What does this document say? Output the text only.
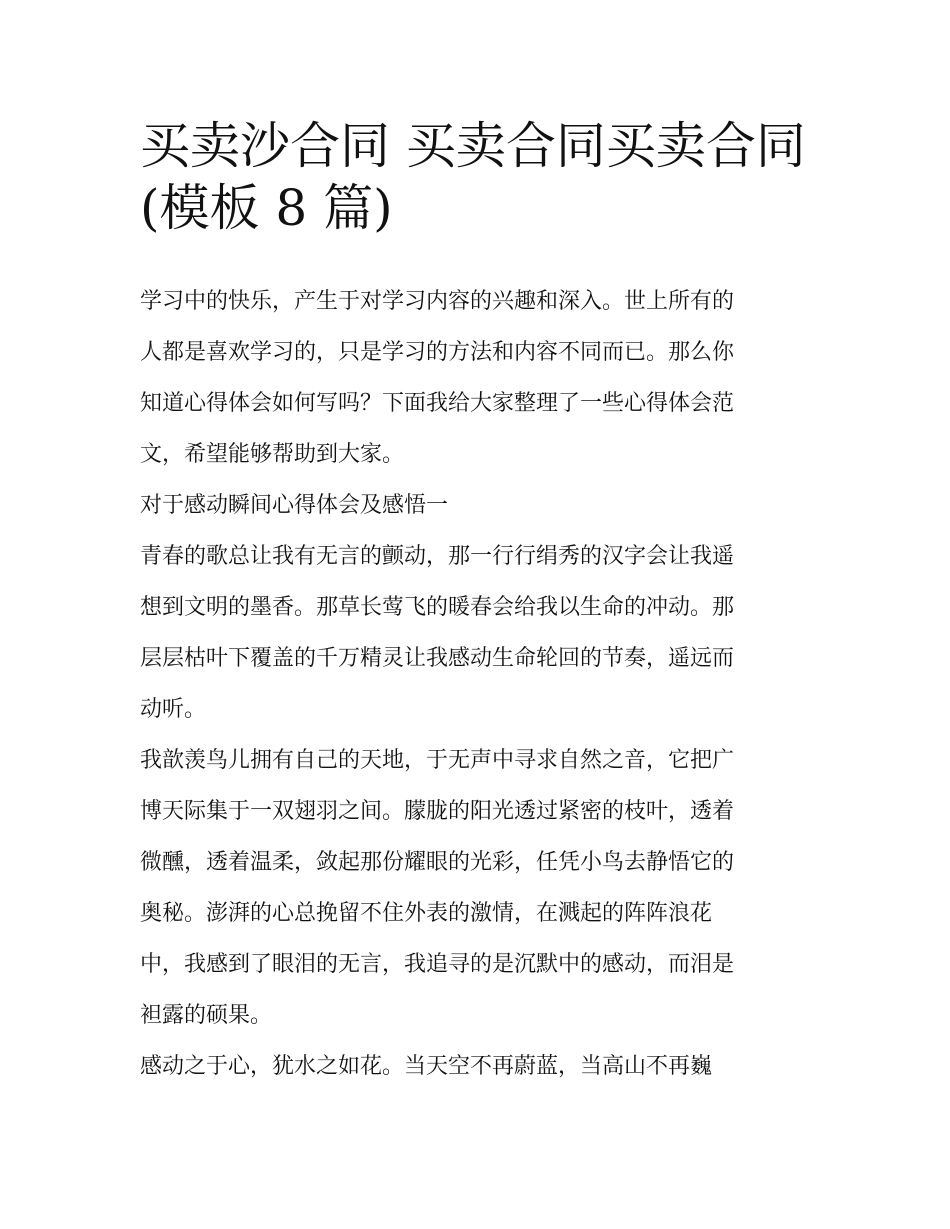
买卖沙合同 买卖合同买卖合同
(模板 8 篇)
学习中的快乐，产生于对学习内容的兴趣和深入。世上所有的
人都是喜欢学习的，只是学习的方法和内容不同而已。那么你
知道心得体会如何写吗？下面我给大家整理了一些心得体会范
文，希望能够帮助到大家。
对于感动瞬间心得体会及感悟一
青春的歌总让我有无言的颤动，那一行行绢秀的汉字会让我遥
想到文明的墨香。那草长莺飞的暖春会给我以生命的冲动。那
层层枯叶下覆盖的千万精灵让我感动生命轮回的节奏，遥远而
动听。
我歆羡鸟儿拥有自己的天地，于无声中寻求自然之音，它把广
博天际集于一双翅羽之间。朦胧的阳光透过紧密的枝叶，透着
微醺，透着温柔，敛起那份耀眼的光彩，任凭小鸟去静悟它的
奥秘。澎湃的心总挽留不住外表的激情，在溅起的阵阵浪花
中，我感到了眼泪的无言，我追寻的是沉默中的感动，而泪是
袒露的硕果。
感动之于心，犹水之如花。当天空不再蔚蓝，当高山不再巍
